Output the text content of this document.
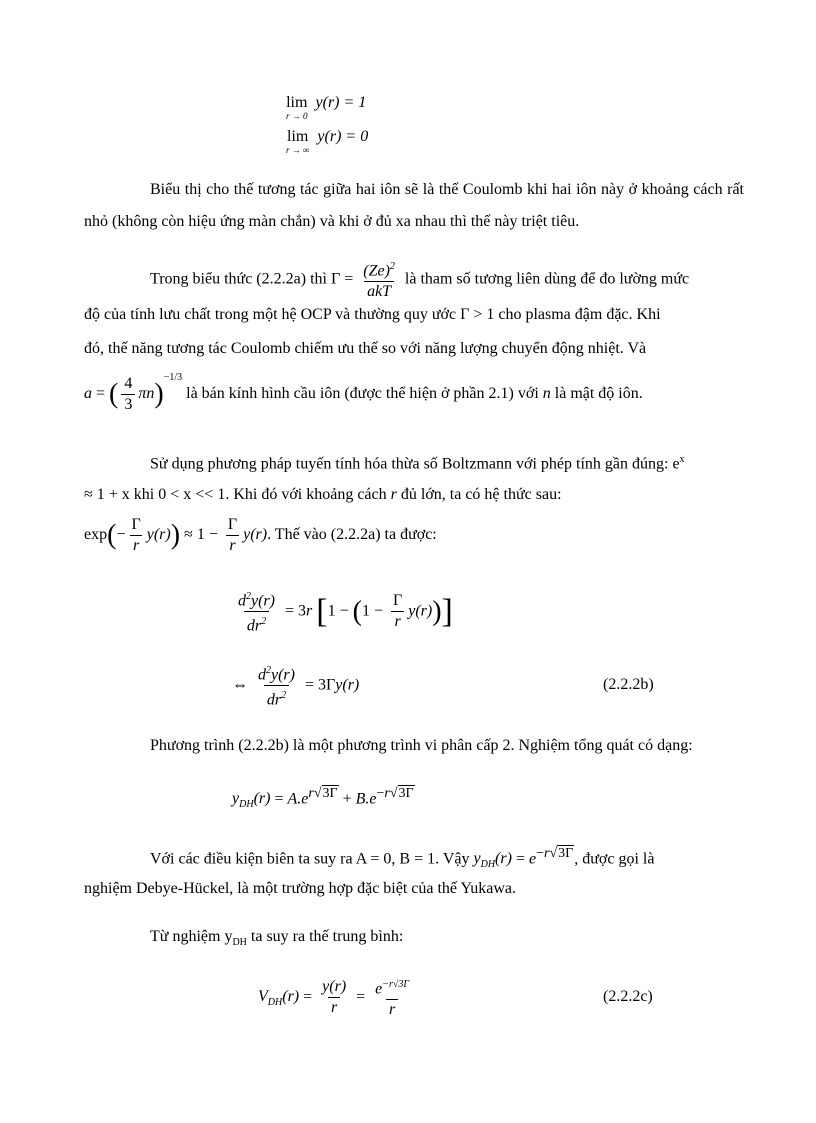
lim
r → 0
y(r) = 1
lim
r → ∞
y(r) = 0
Biểu thị cho thế tương tác giữa hai iôn sẽ là thế Coulomb khi hai iôn này ở khoảng cách rất nhỏ (không còn hiệu ứng màn chắn) và khi ở đủ xa nhau thì thế này triệt tiêu.
Trong biểu thức (2.2.2a) thì $\Gamma = \frac{(Ze)^2}{\text{akT}}$ là tham số tương liên dùng để đo lường mức
độ của tính lưu chất trong một hệ OCP và thường quy ước Γ > 1 cho plasma đậm đặc. Khi
đó, thế năng tương tác Coulomb chiếm ưu thế so với năng lượng chuyển động nhiệt. Và
a = ( $\frac{4}{3} \pi n)^{-1/3}$ là bán kính hình cầu iôn (được thể hiện ở phần 2.1) với n là mật độ iôn.
Sử dụng phương pháp tuyến tính hóa thừa số Boltzmann với phép tính gần đúng: $e^x$
≈ 1 + x khi 0 < x << 1. Khi đó với khoảng cách r đủ lớn, ta có hệ thức sau:
$\exp(- \frac{\Gamma}{r} y(r)) \approx 1 - \frac{\Gamma}{r} y(r)$. Thế vào (2.2.2a) ta được:
$\frac{d^2y(r)}{dr^2} = 3r$ $[1 - (1 - \frac{\Gamma}{r} y(r))]$
⇔ $\frac{d^2y(r)}{dr^2} = 3\Gamma y(r)$	(2.2.2b)
Phương trình (2.2.2b) là một phương trình vi phân cấp 2. Nghiệm tổng quát có dạng:
$y_{DH}(r) = A.e^{r√3\Gamma} + B.e^{-r√3\Gamma}$
Với các điều kiện biên ta suy ra A = 0, B = 1. Vậy $y_{DH}(r) = e^{-r√3\Gamma}$, được gọi là
nghiệm Debye-Hückel, là một trường hợp đặc biệt của thế Yukawa.
Từ nghiệm $y_{DH}$ ta suy ra thế trung bình:
$V_{DH}(r) = \frac{y(r)}{r} = \frac{e^{-r√3\Gamma}}{r}$	(2.2.2c)
